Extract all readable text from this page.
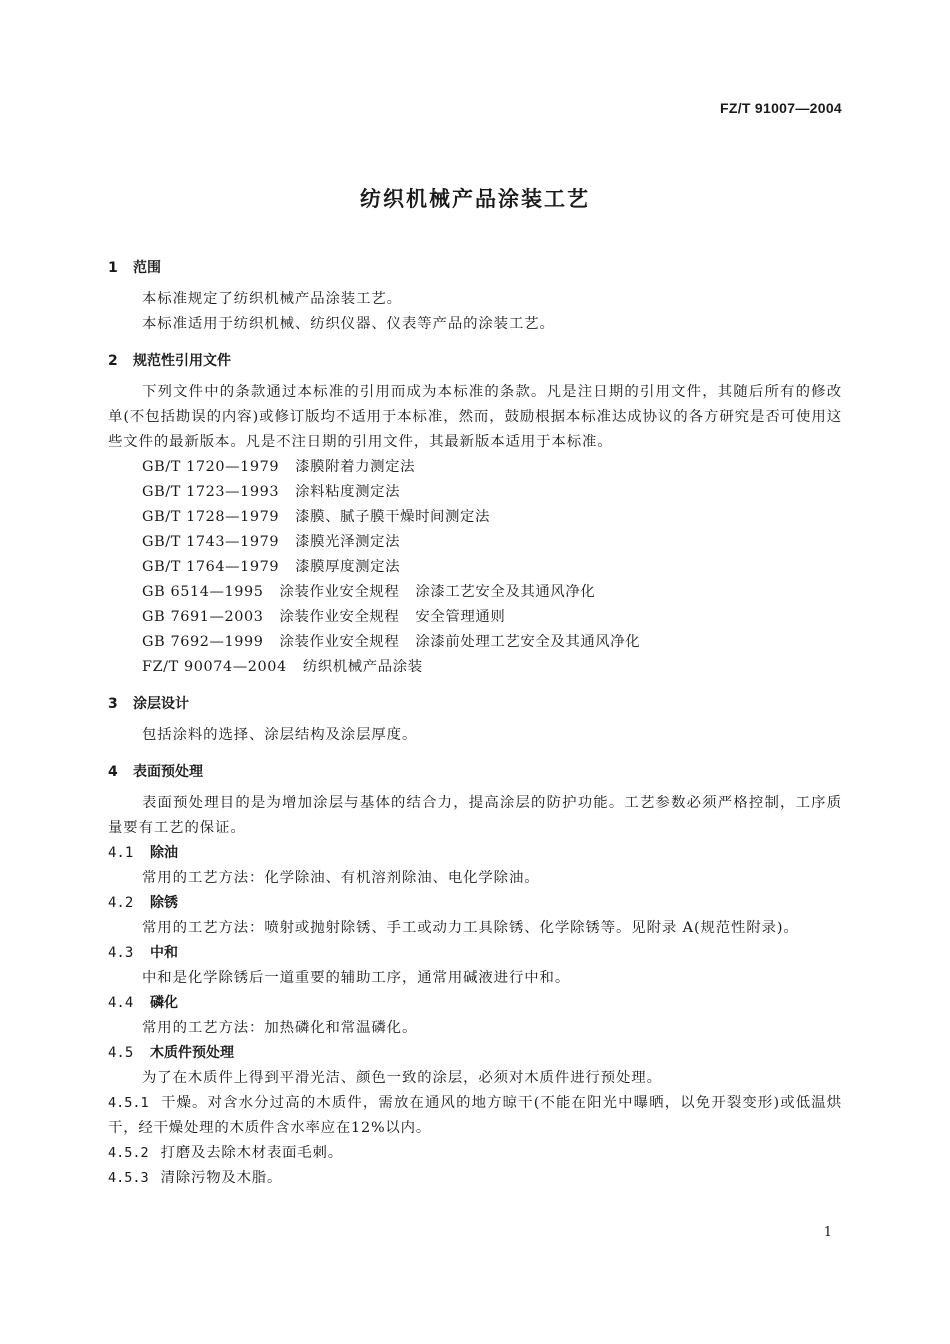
FZ/T 91007—2004
纺织机械产品涂装工艺
1 范围
本标准规定了纺织机械产品涂装工艺。
本标准适用于纺织机械、纺织仪器、仪表等产品的涂装工艺。
2 规范性引用文件
下列文件中的条款通过本标准的引用而成为本标准的条款。凡是注日期的引用文件，其随后所有的修改单(不包括勘误的内容)或修订版均不适用于本标准，然而，鼓励根据本标准达成协议的各方研究是否可使用这些文件的最新版本。凡是不注日期的引用文件，其最新版本适用于本标准。
GB/T 1720—1979 漆膜附着力测定法
GB/T 1723—1993 涂料粘度测定法
GB/T 1728—1979 漆膜、腻子膜干燥时间测定法
GB/T 1743—1979 漆膜光泽测定法
GB/T 1764—1979 漆膜厚度测定法
GB 6514—1995 涂装作业安全规程 涂漆工艺安全及其通风净化
GB 7691—2003 涂装作业安全规程 安全管理通则
GB 7692—1999 涂装作业安全规程 涂漆前处理工艺安全及其通风净化
FZ/T 90074—2004 纺织机械产品涂装
3 涂层设计
包括涂料的选择、涂层结构及涂层厚度。
4 表面预处理
表面预处理目的是为增加涂层与基体的结合力，提高涂层的防护功能。工艺参数必须严格控制，工序质量要有工艺的保证。
4.1 除油
常用的工艺方法：化学除油、有机溶剂除油、电化学除油。
4.2 除锈
常用的工艺方法：喷射或抛射除锈、手工或动力工具除锈、化学除锈等。见附录 A(规范性附录)。
4.3 中和
中和是化学除锈后一道重要的辅助工序，通常用碱液进行中和。
4.4 磷化
常用的工艺方法：加热磷化和常温磷化。
4.5 木质件预处理
为了在木质件上得到平滑光洁、颜色一致的涂层，必须对木质件进行预处理。
4.5.1 干燥。对含水分过高的木质件，需放在通风的地方晾干(不能在阳光中曝晒，以免开裂变形)或低温烘干，经干燥处理的木质件含水率应在12%以内。
4.5.2 打磨及去除木材表面毛刺。
4.5.3 清除污物及木脂。
1
